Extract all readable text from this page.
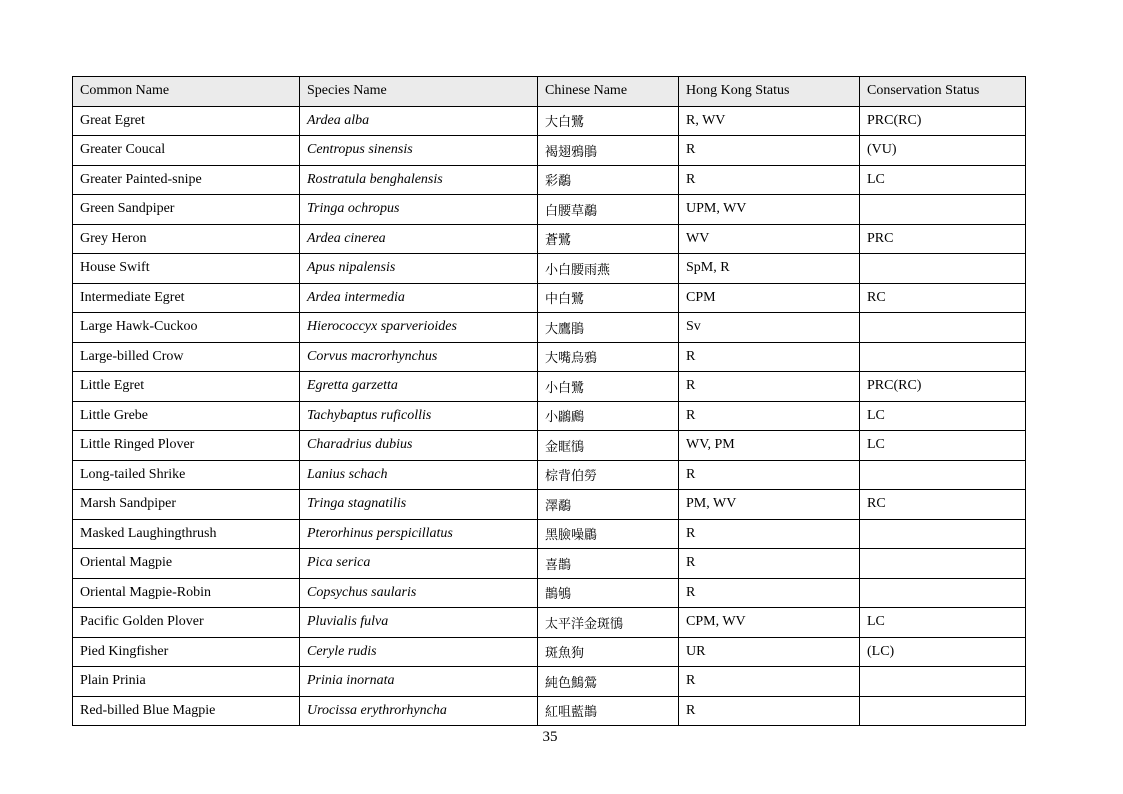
Common Name	Species Name	Chinese Name	Hong Kong Status	Conservation Status
Great Egret	Ardea alba	大白鷺	R, WV	PRC(RC)
Greater Coucal	Centropus sinensis	褐翅鴉鵑	R	(VU)
Greater Painted-snipe	Rostratula benghalensis	彩鷸	R	LC
Green Sandpiper	Tringa ochropus	白腰草鷸	UPM, WV	
Grey Heron	Ardea cinerea	蒼鷺	WV	PRC
House Swift	Apus nipalensis	小白腰雨燕	SpM, R	
Intermediate Egret	Ardea intermedia	中白鷺	CPM	RC
Large Hawk-Cuckoo	Hierococcyx sparverioides	大鷹鵑	Sv	
Large-billed Crow	Corvus macrorhynchus	大嘴烏鴉	R	
Little Egret	Egretta garzetta	小白鷺	R	PRC(RC)
Little Grebe	Tachybaptus ruficollis	小鸊鷉	R	LC
Little Ringed Plover	Charadrius dubius	金眶鴴	WV, PM	LC
Long-tailed Shrike	Lanius schach	棕背伯勞	R	
Marsh Sandpiper	Tringa stagnatilis	澤鷸	PM, WV	RC
Masked Laughingthrush	Pterorhinus perspicillatus	黑臉噪鶥	R	
Oriental Magpie	Pica serica	喜鵲	R	
Oriental Magpie-Robin	Copsychus saularis	鵲鴝	R	
Pacific Golden Plover	Pluvialis fulva	太平洋金斑鴴	CPM, WV	LC
Pied Kingfisher	Ceryle rudis	斑魚狗	UR	(LC)
Plain Prinia	Prinia inornata	純色鷦鶯	R	
Red-billed Blue Magpie	Urocissa erythrorhyncha	紅咀藍鵲	R	
35
